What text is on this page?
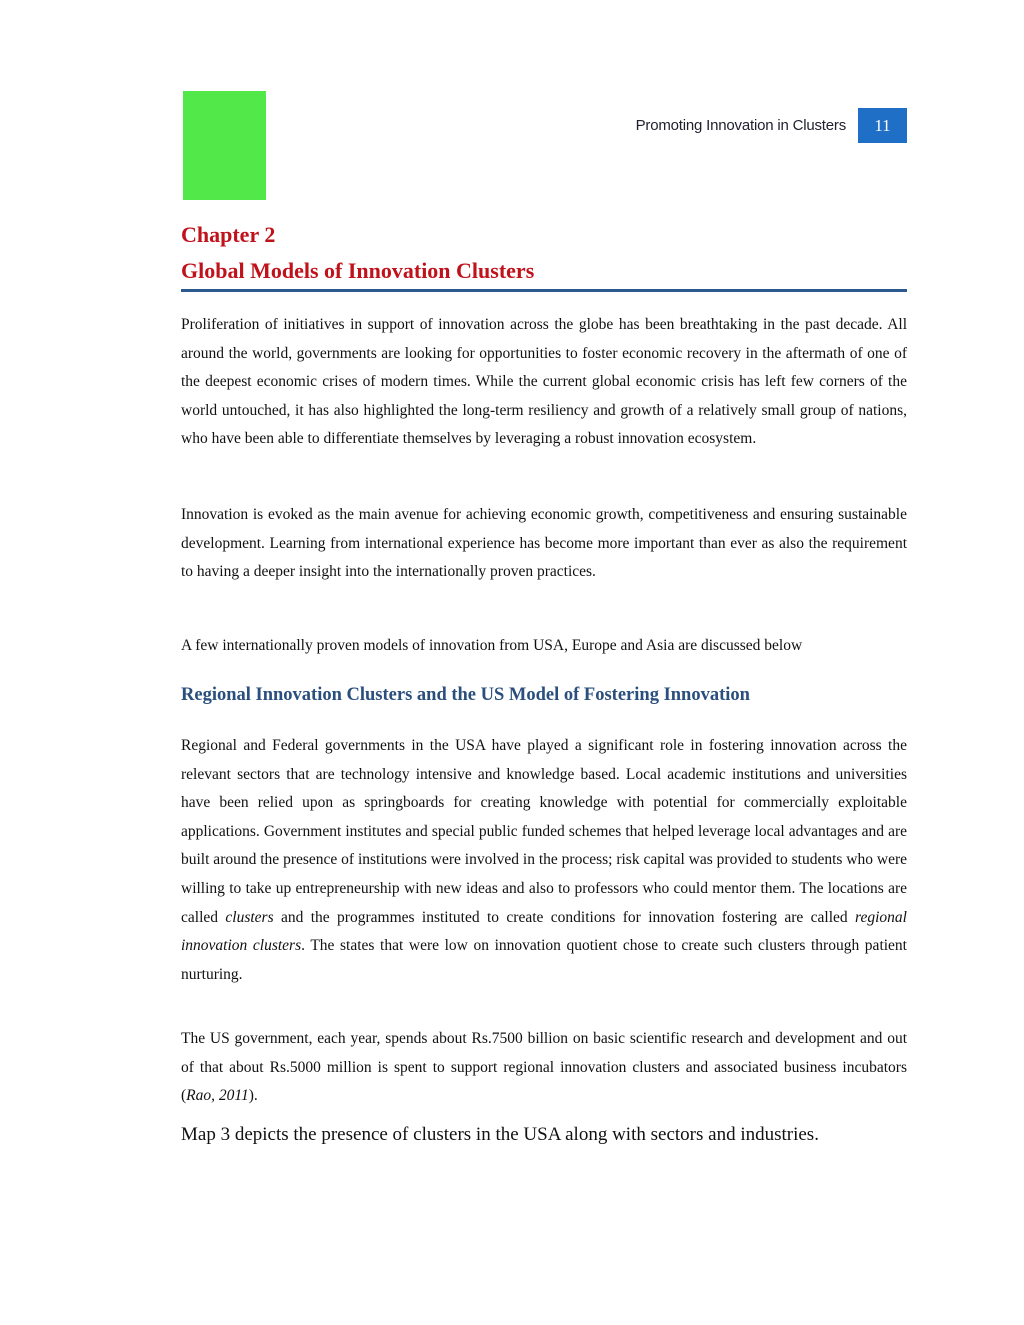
Promoting Innovation in Clusters	11
Chapter 2
Global Models of Innovation Clusters

Proliferation of initiatives in support of innovation across the globe has been breathtaking in the past decade. All around the world, governments are looking for opportunities to foster economic recovery in the aftermath of one of the deepest economic crises of modern times. While the current global economic crisis has left few corners of the world untouched, it has also highlighted the long-term resiliency and growth of a relatively small group of nations, who have been able to differentiate themselves by leveraging a robust innovation ecosystem.

Innovation is evoked as the main avenue for achieving economic growth, competitiveness and ensuring sustainable development. Learning from international experience has become more important than ever as also the requirement to having a deeper insight into the internationally proven practices.

A few internationally proven models of innovation from USA, Europe and Asia are discussed below

Regional Innovation Clusters and the US Model of Fostering Innovation

Regional and Federal governments in the USA have played a significant role in fostering innovation across the relevant sectors that are technology intensive and knowledge based. Local academic institutions and universities have been relied upon as springboards for creating knowledge with potential for commercially exploitable applications. Government institutes and special public funded schemes that helped leverage local advantages and are built around the presence of institutions were involved in the process; risk capital was provided to students who were willing to take up entrepreneurship with new ideas and also to professors who could mentor them. The locations are called clusters and the programmes instituted to create conditions for innovation fostering are called regional innovation clusters. The states that were low on innovation quotient chose to create such clusters through patient nurturing.

The US government, each year, spends about Rs.7500 billion on basic scientific research and development and out of that about Rs.5000 million is spent to support regional innovation clusters and associated business incubators (Rao, 2011).

Map 3 depicts the presence of clusters in the USA along with sectors and industries.
